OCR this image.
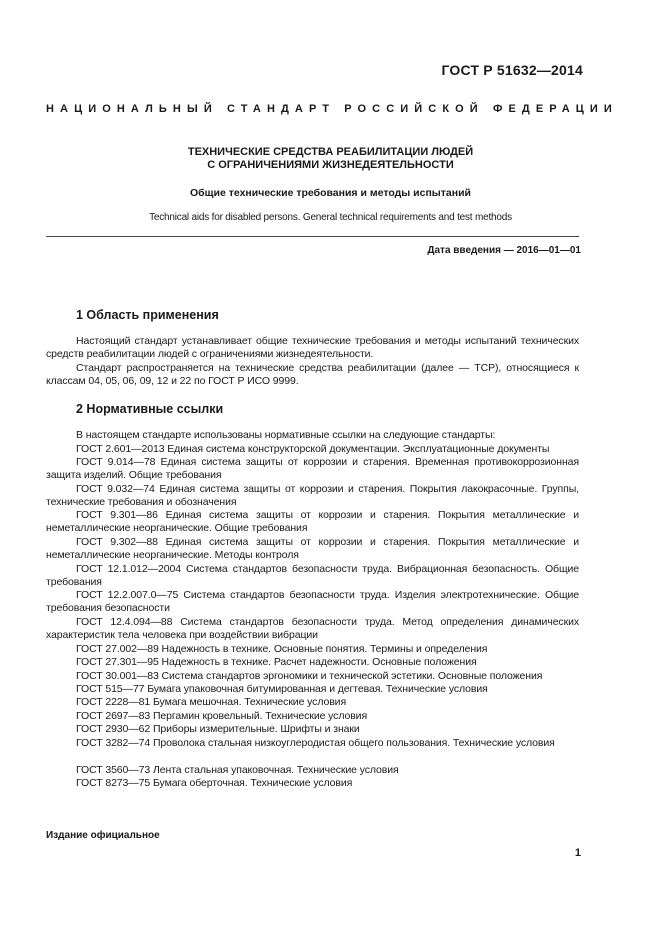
ГОСТ Р 51632—2014
НАЦИОНАЛЬНЫЙ СТАНДАРТ РОССИЙСКОЙ ФЕДЕРАЦИИ
ТЕХНИЧЕСКИЕ СРЕДСТВА РЕАБИЛИТАЦИИ ЛЮДЕЙ
С ОГРАНИЧЕНИЯМИ ЖИЗНЕДЕЯТЕЛЬНОСТИ
Общие технические требования и методы испытаний
Technical aids for disabled persons. General technical requirements and test methods
Дата введения — 2016—01—01
1 Область применения

Настоящий стандарт устанавливает общие технические требования и методы испытаний технических средств реабилитации людей с ограничениями жизнедеятельности.

Стандарт распространяется на технические средства реабилитации (далее — ТСР), относящиеся к классам 04, 05, 06, 09, 12 и 22 по ГОСТ Р ИСО 9999.

2 Нормативные ссылки

В настоящем стандарте использованы нормативные ссылки на следующие стандарты:

ГОСТ 2.601—2013 Единая система конструкторской документации. Эксплуатационные документы

ГОСТ 9.014—78 Единая система защиты от коррозии и старения. Временная противокоррозионная защита изделий. Общие требования

ГОСТ 9.032—74 Единая система защиты от коррозии и старения. Покрытия лакокрасочные. Группы, технические требования и обозначения

ГОСТ 9.301—86 Единая система защиты от коррозии и старения. Покрытия металлические и неметаллические неорганические. Общие требования

ГОСТ 9.302—88 Единая система защиты от коррозии и старения. Покрытия металлические и неметаллические неорганические. Методы контроля

ГОСТ 12.1.012—2004 Система стандартов безопасности труда. Вибрационная безопасность. Общие требования

ГОСТ 12.2.007.0—75 Система стандартов безопасности труда. Изделия электротехнические. Общие требования безопасности

ГОСТ 12.4.094—88 Система стандартов безопасности труда. Метод определения динамических характеристик тела человека при воздействии вибрации

ГОСТ 27.002—89 Надежность в технике. Основные понятия. Термины и определения

ГОСТ 27.301—95 Надежность в технике. Расчет надежности. Основные положения

ГОСТ 30.001—83 Система стандартов эргономики и технической эстетики. Основные положения

ГОСТ 515—77 Бумага упаковочная битумированная и дегтевая. Технические условия

ГОСТ 2228—81 Бумага мешочная. Технические условия

ГОСТ 2697—83 Пергамин кровельный. Технические условия

ГОСТ 2930—62 Приборы измерительные. Шрифты и знаки

ГОСТ 3282—74 Проволока стальная низкоуглеродистая общего пользования. Технические условия

ГОСТ 3560—73 Лента стальная упаковочная. Технические условия

ГОСТ 8273—75 Бумага оберточная. Технические условия

Издание официальное
1
